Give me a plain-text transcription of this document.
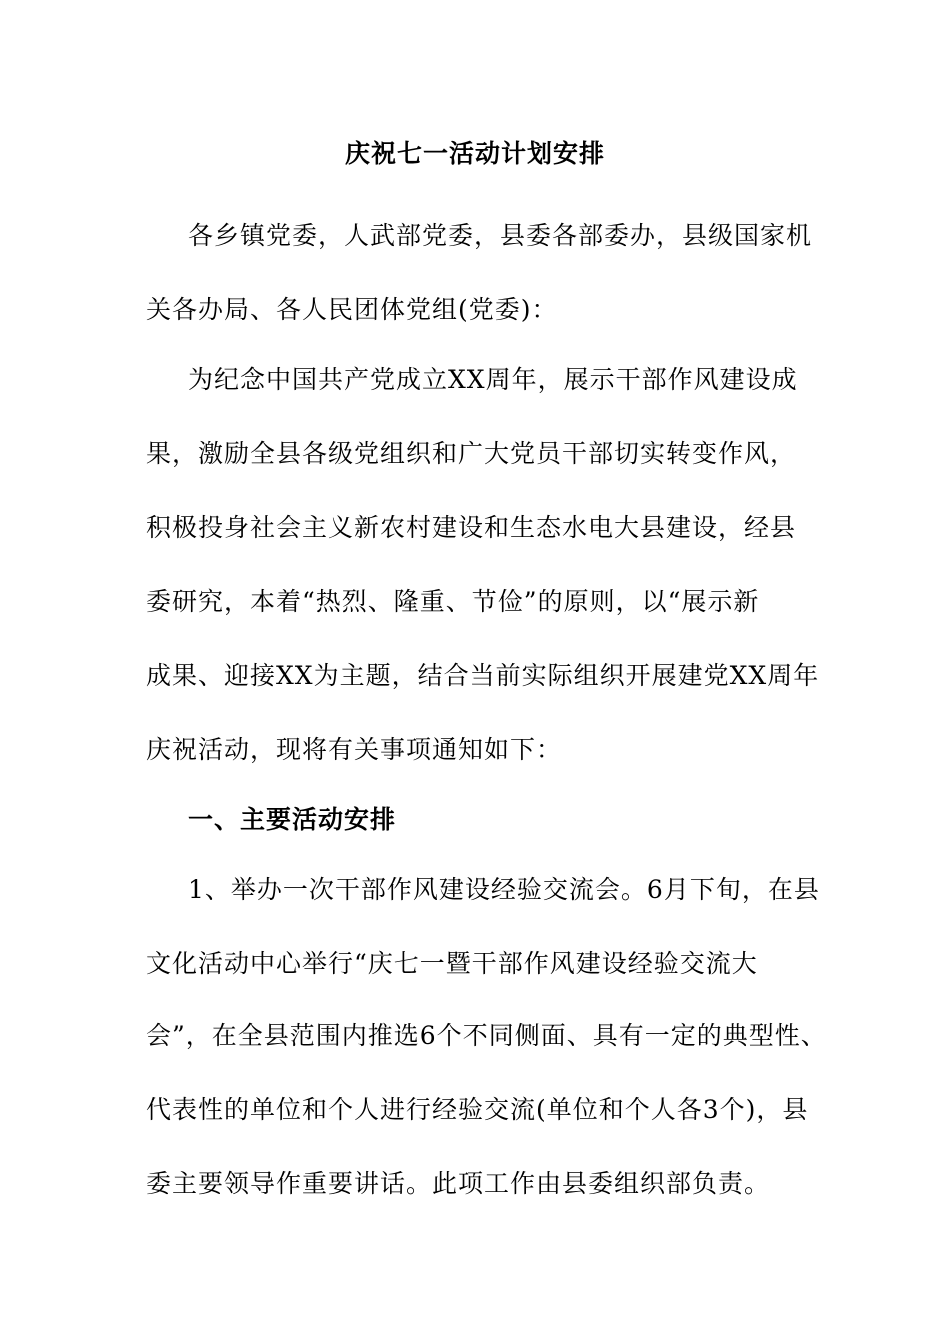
庆祝七一活动计划安排
各乡镇党委，人武部党委，县委各部委办，县级国家机
关各办局、各人民团体党组(党委)：
为纪念中国共产党成立XX周年，展示干部作风建设成
果，激励全县各级党组织和广大党员干部切实转变作风，
积极投身社会主义新农村建设和生态水电大县建设，经县
委研究，本着“热烈、隆重、节俭”的原则，以“展示新
成果、迎接XX为主题，结合当前实际组织开展建党XX周年
庆祝活动，现将有关事项通知如下：
一、主要活动安排
1、举办一次干部作风建设经验交流会。6月下旬，在县
文化活动中心举行“庆七一暨干部作风建设经验交流大
会”，在全县范围内推选6个不同侧面、具有一定的典型性、
代表性的单位和个人进行经验交流(单位和个人各3个)，县
委主要领导作重要讲话。此项工作由县委组织部负责。
